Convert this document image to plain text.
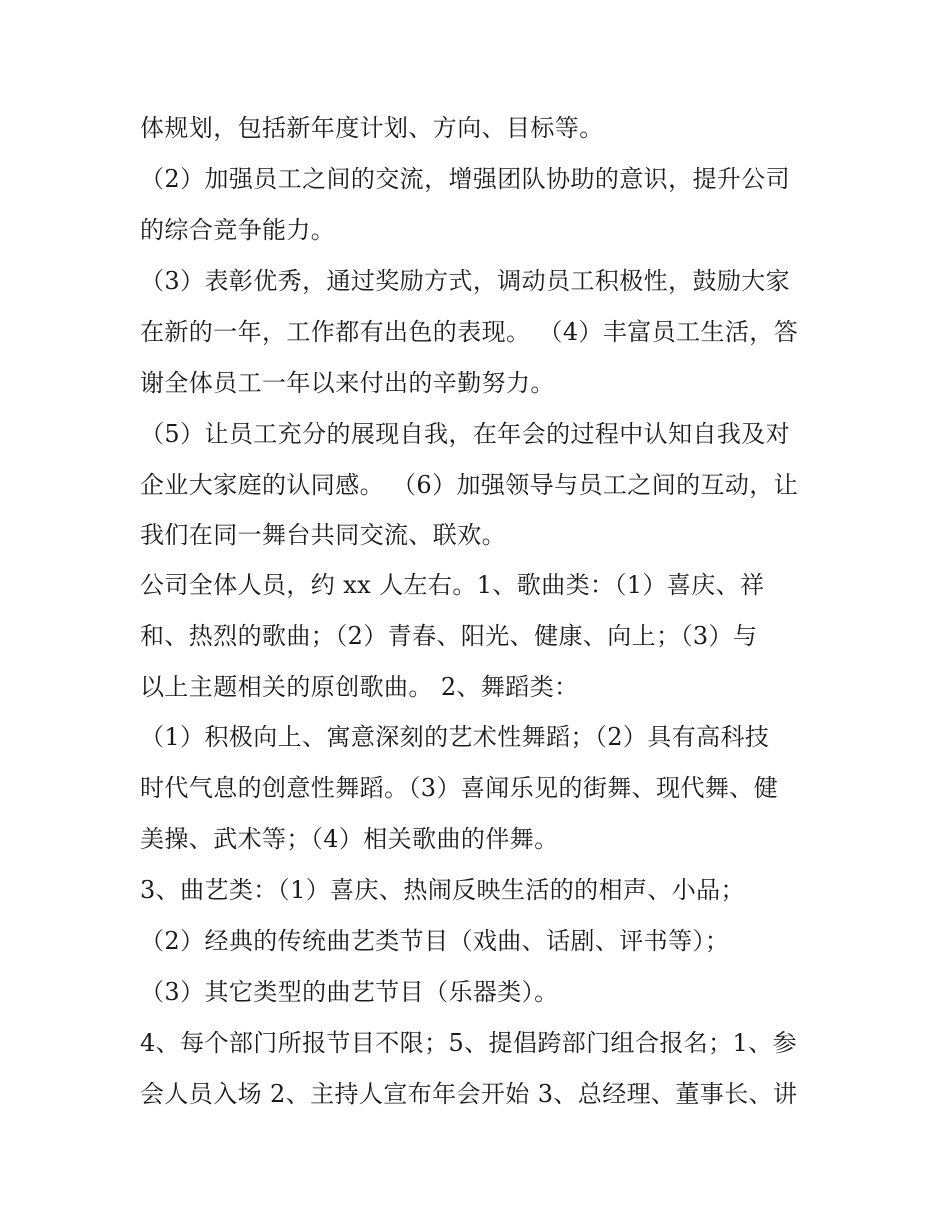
体规划，包括新年度计划、方向、目标等。

（2）加强员工之间的交流，增强团队协助的意识，提升公司

的综合竞争能力。

（3）表彰优秀，通过奖励方式，调动员工积极性，鼓励大家

在新的一年，工作都有出色的表现。 （4）丰富员工生活，答

谢全体员工一年以来付出的辛勤努力。

（5）让员工充分的展现自我，在年会的过程中认知自我及对

企业大家庭的认同感。 （6）加强领导与员工之间的互动，让

我们在同一舞台共同交流、联欢。

公司全体人员，约 xx 人左右。1、歌曲类：（1）喜庆、祥

和、热烈的歌曲；（2）青春、阳光、健康、向上；（3）与

以上主题相关的原创歌曲。 2、舞蹈类：

（1）积极向上、寓意深刻的艺术性舞蹈；（2）具有高科技

时代气息的创意性舞蹈。（3）喜闻乐见的街舞、现代舞、健

美操、武术等；（4）相关歌曲的伴舞。

3、曲艺类：（1）喜庆、热闹反映生活的的相声、小品；

（2）经典的传统曲艺类节目（戏曲、话剧、评书等）；

（3）其它类型的曲艺节目（乐器类）。

4、每个部门所报节目不限；5、提倡跨部门组合报名；1、参

会人员入场 2、主持人宣布年会开始 3、总经理、董事长、讲
